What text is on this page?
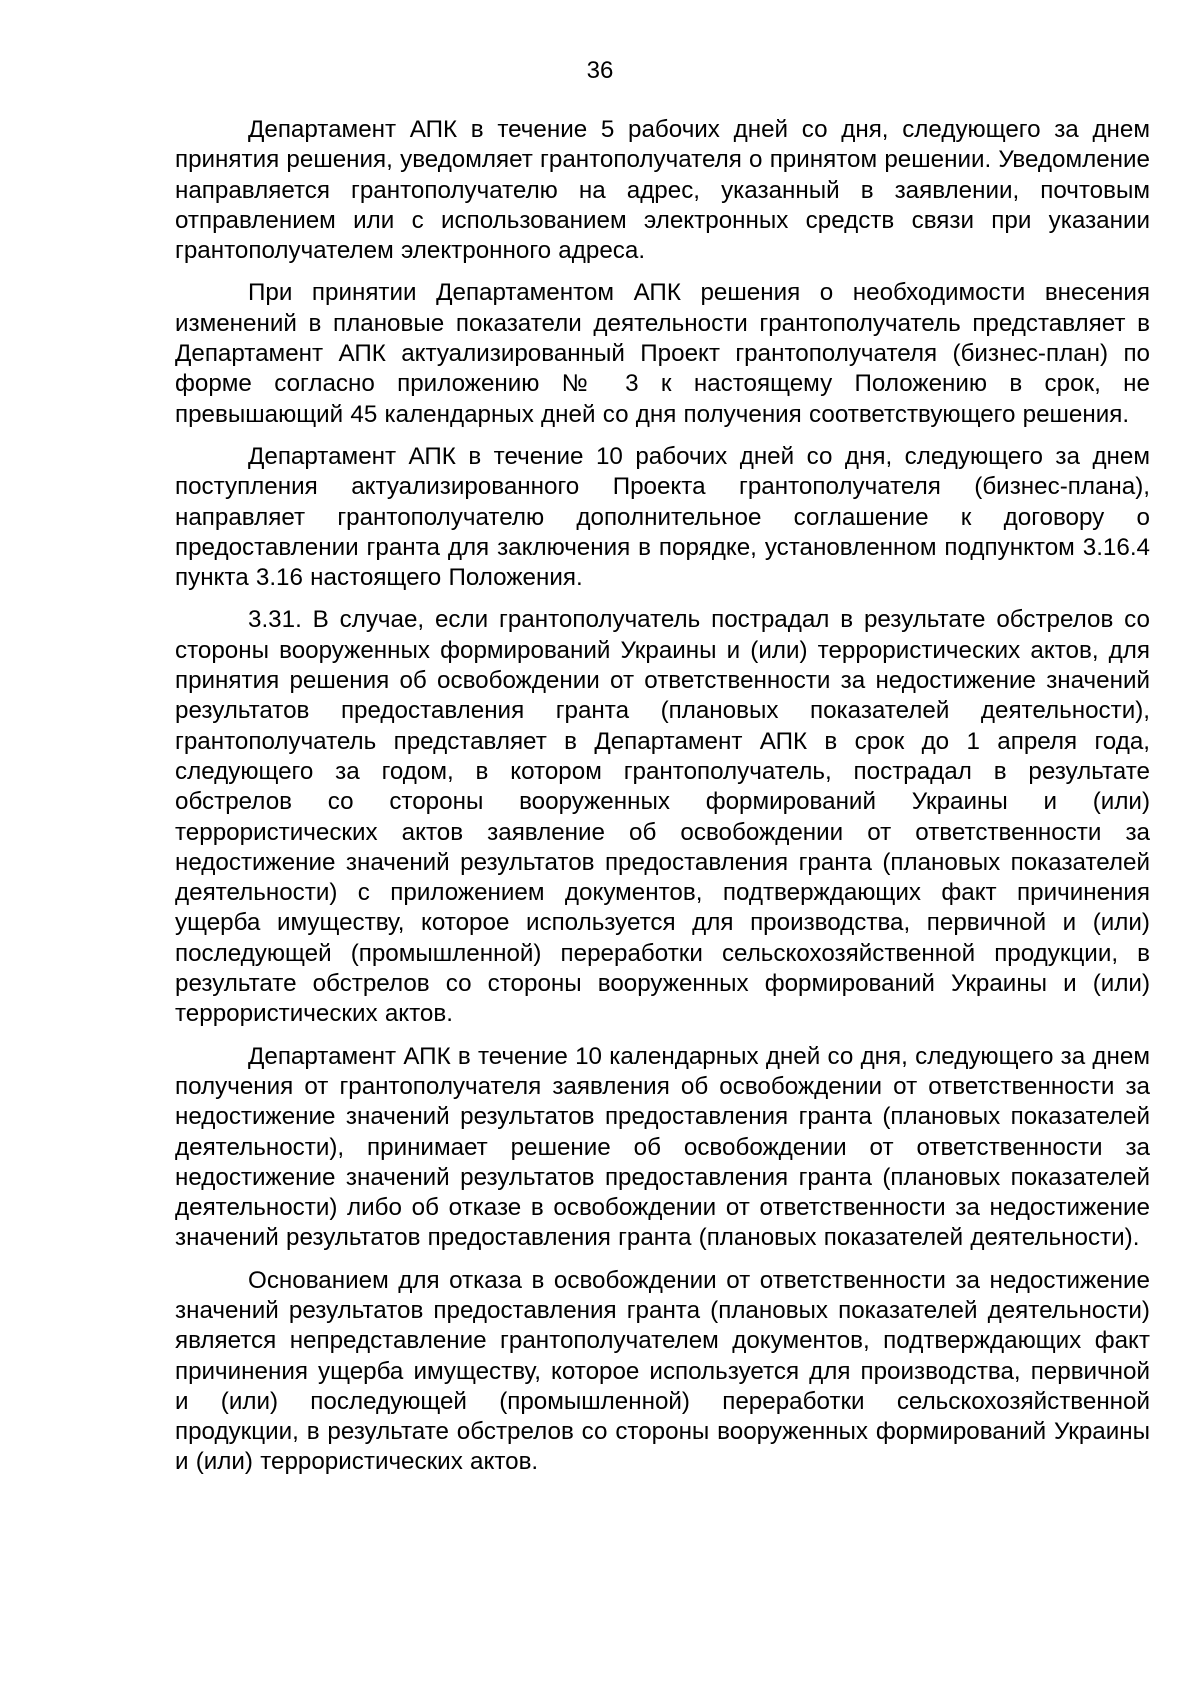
36

Департамент АПК в течение 5 рабочих дней со дня, следующего за днем принятия решения, уведомляет грантополучателя о принятом решении. Уведомление направляется грантополучателю на адрес, указанный в заявлении, почтовым отправлением или с использованием электронных средств связи при указании грантополучателем электронного адреса.

При принятии Департаментом АПК решения о необходимости внесения изменений в плановые показатели деятельности грантополучатель представляет в Департамент АПК актуализированный Проект грантополучателя (бизнес-план) по форме согласно приложению № 3 к настоящему Положению в срок, не превышающий 45 календарных дней со дня получения соответствующего решения.

Департамент АПК в течение 10 рабочих дней со дня, следующего за днем поступления актуализированного Проекта грантополучателя (бизнес-плана), направляет грантополучателю дополнительное соглашение к договору о предоставлении гранта для заключения в порядке, установленном подпунктом 3.16.4 пункта 3.16 настоящего Положения.

3.31. В случае, если грантополучатель пострадал в результате обстрелов со стороны вооруженных формирований Украины и (или) террористических актов, для принятия решения об освобождении от ответственности за недостижение значений результатов предоставления гранта (плановых показателей деятельности), грантополучатель представляет в Департамент АПК в срок до 1 апреля года, следующего за годом, в котором грантополучатель, пострадал в результате обстрелов со стороны вооруженных формирований Украины и (или) террористических актов заявление об освобождении от ответственности за недостижение значений результатов предоставления гранта (плановых показателей деятельности) с приложением документов, подтверждающих факт причинения ущерба имуществу, которое используется для производства, первичной и (или) последующей (промышленной) переработки сельскохозяйственной продукции, в результате обстрелов со стороны вооруженных формирований Украины и (или) террористических актов.

Департамент АПК в течение 10 календарных дней со дня, следующего за днем получения от грантополучателя заявления об освобождении от ответственности за недостижение значений результатов предоставления гранта (плановых показателей деятельности), принимает решение об освобождении от ответственности за недостижение значений результатов предоставления гранта (плановых показателей деятельности) либо об отказе в освобождении от ответственности за недостижение значений результатов предоставления гранта (плановых показателей деятельности).

Основанием для отказа в освобождении от ответственности за недостижение значений результатов предоставления гранта (плановых показателей деятельности) является непредставление грантополучателем документов, подтверждающих факт причинения ущерба имуществу, которое используется для производства, первичной и (или) последующей (промышленной) переработки сельскохозяйственной продукции, в результате обстрелов со стороны вооруженных формирований Украины и (или) террористических актов.
